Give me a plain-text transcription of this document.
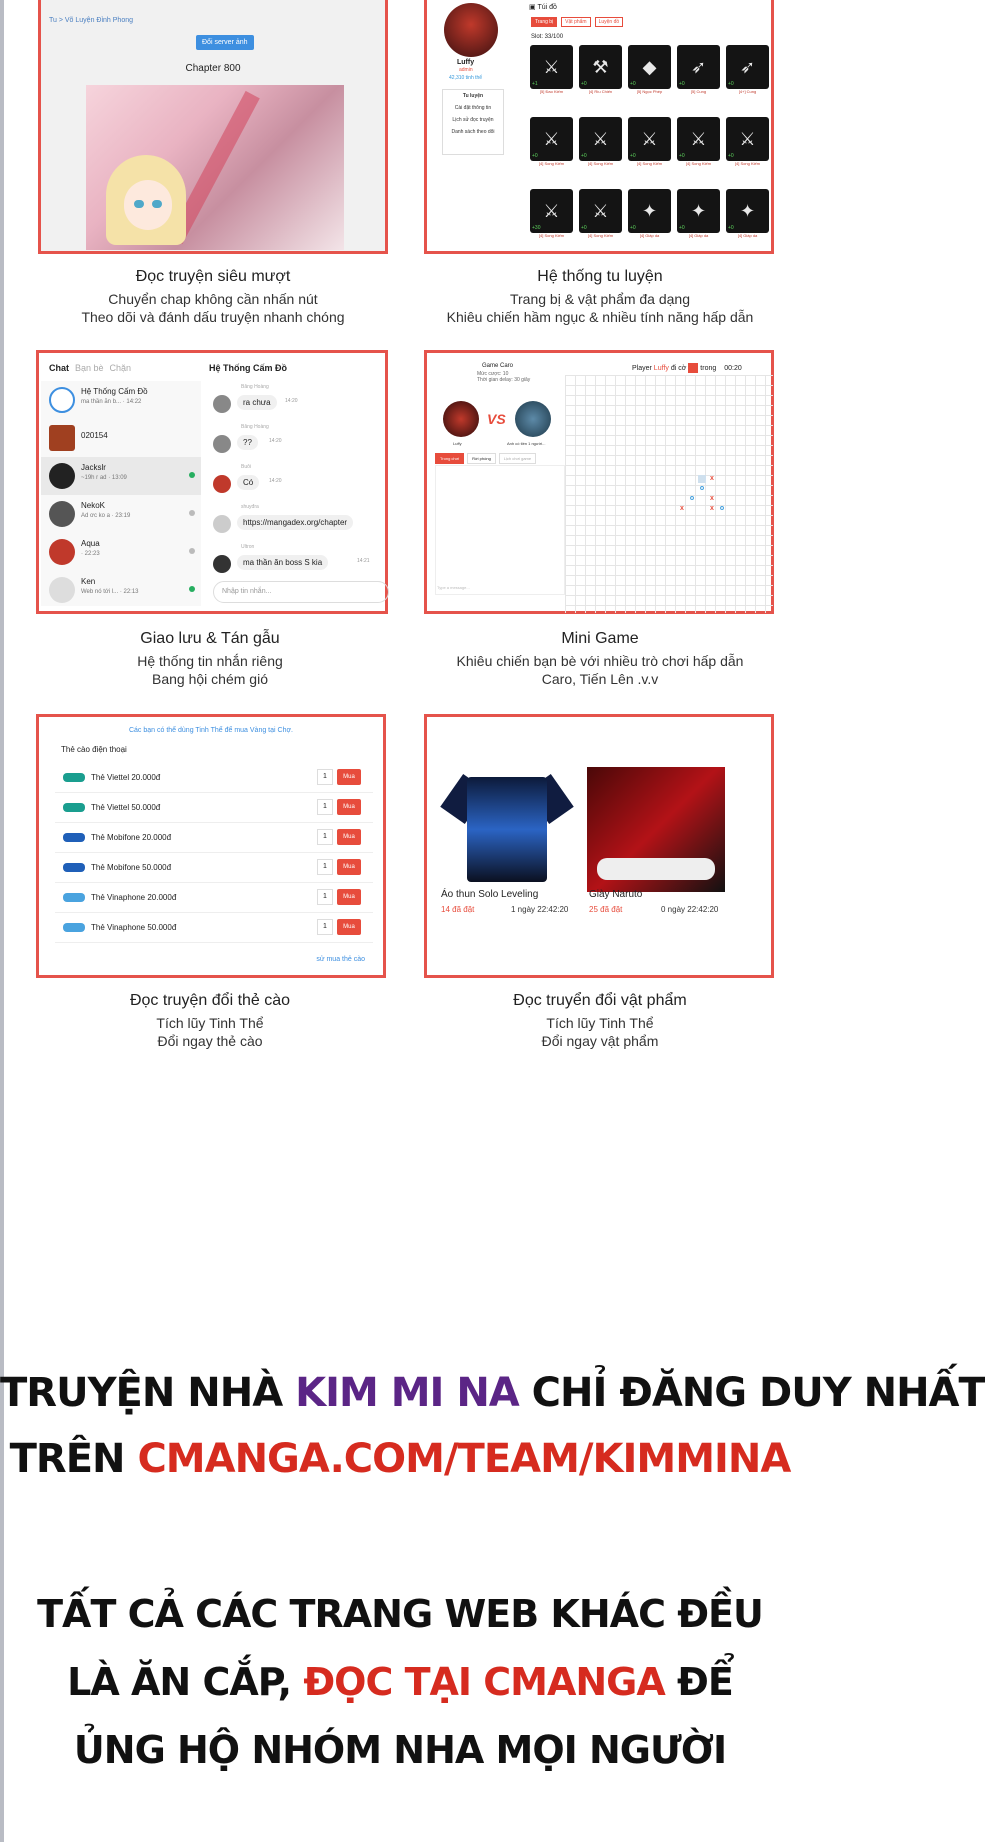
Tu > Võ Luyện Đỉnh Phong
Đổi server ảnh
Chapter 800
Đọc truyện siêu mượt

Chuyển chap không cần nhấn nút

Theo dõi và đánh dấu truyện nhanh chóng

Luffy
admin
42,310 tinh thể
Tu luyện
Cài đặt thông tin
Lịch sử đọc truyện
Danh sách theo dõi
▣ Túi đồ
Trang bị	Vật phẩm	Luyện đồ
Slot: 33/100
⚔
+1
[5] Đao Kiếm
⚒
+0
[4] Rìu Chiến
◆
+0
[5] Ngọc Phép
➶
+0
[5] Cung
➶
+0
[4+] Cung
⚔
+0
[4] Song Kiếm
⚔
+0
[4] Song Kiếm
⚔
+0
[4] Song Kiếm
⚔
+0
[4] Song Kiếm
⚔
+0
[4] Song Kiếm
⚔
+30
[4] Song Kiếm
⚔
+0
[4] Song Kiếm
✦
+0
[4] Giáp da
✦
+0
[4] Giáp da
✦
+0
[4] Giáp da
Hệ thống tu luyện

Trang bị & vật phẩm đa dạng

Khiêu chiến hầm ngục & nhiều tính năng hấp dẫn

Chat Bạn bè Chặn	Hệ Thống Cấm Đồ
Hệ Thống Cấm Đồ
ma thần ăn b... · 14:22
020154
Jackslr
~19h r ad · 13:09
NekoK
Ad ơc ko a · 23:19
Aqua
· 22:23
Ken
Web nó tới l... · 22:13
Băng Hoàng
ra chưa	14:20
Băng Hoàng
??	14:20
Buôi
Có	14:20
shuyđra
https://mangadex.org/chapter
Ultron
ma thần ăn boss S kia	14:21
Nhập tin nhắn...
Giao lưu & Tán gẫu

Hệ thống tin nhắn riêng

Bang hội chém gió

Game Caro
Mức cược: 10
Thời gian delay: 30 giây
Player Luffy đi cờ trong 00:20
VS
Luffy	Anh có tiền 1 người...
Trong chơi	Rời phòng	Lịch chơi game
Type a message...
x
o
o x
x	x o
Mini Game

Khiêu chiến bạn bè với nhiều trò chơi hấp dẫn

Caro, Tiến Lên .v.v

Các bạn có thể dùng Tinh Thể để mua Vàng tại Chợ.
Thẻ cào điện thoại
Thẻ Viettel 20.000đ	1	Mua
Thẻ Viettel 50.000đ	1	Mua
Thẻ Mobifone 20.000đ	1	Mua
Thẻ Mobifone 50.000đ	1	Mua
Thẻ Vinaphone 20.000đ	1	Mua
Thẻ Vinaphone 50.000đ	1	Mua
sử mua thẻ cào
Đọc truyện đổi thẻ cào

Tích lũy Tinh Thể

Đổi ngay thẻ cào

Áo thun Solo Leveling
14 đã đặt	1 ngày 22:42:20
Giày Naruto
25 đã đặt	0 ngày 22:42:20
Đọc truyển đổi vật phẩm

Tích lũy Tinh Thể

Đổi ngay vật phẩm

TRUYỆN NHÀ KIM MI NA CHỈ ĐĂNG DUY NHẤT
TRÊN CMANGA.COM/TEAM/KIMMINA
TẤT CẢ CÁC TRANG WEB KHÁC ĐỀU
LÀ ĂN CẮP, ĐỌC TẠI CMANGA ĐỂ
ỦNG HỘ NHÓM NHA MỌI NGƯỜI
